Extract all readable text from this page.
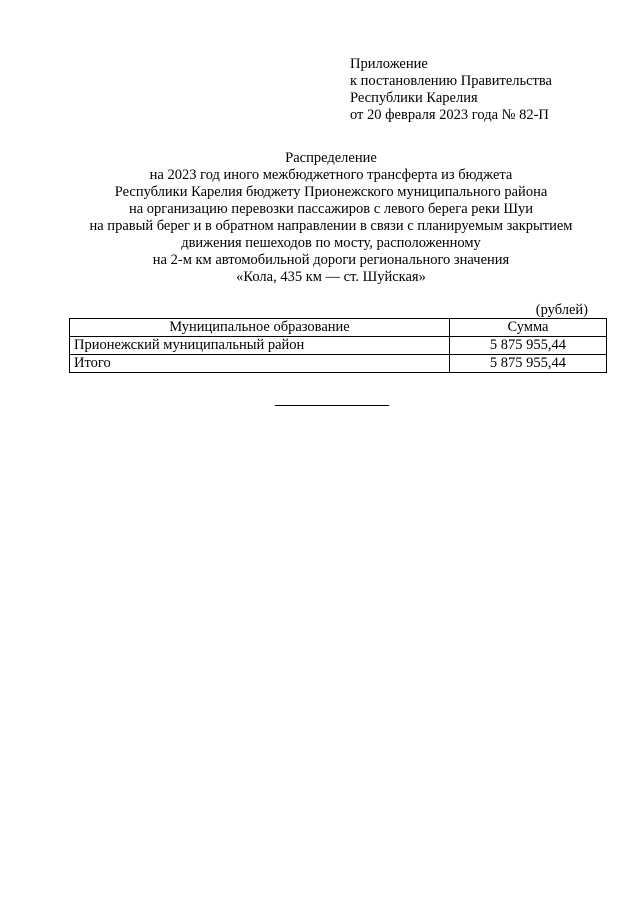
Приложение
к постановлению Правительства
Республики Карелия
от 20 февраля 2023 года № 82-П
Распределение
на 2023 год иного межбюджетного трансферта из бюджета
Республики Карелия бюджету Прионежского муниципального района
на организацию перевозки пассажиров с левого берега реки Шуи
на правый берег и в обратном направлении в связи с планируемым закрытием
движения пешеходов по мосту, расположенному
на 2-м км автомобильной дороги регионального значения
«Кола, 435 км — ст. Шуйская»
(рублей)
Муниципальное образование	Сумма
Прионежский муниципальный район	5 875 955,44
Итого	5 875 955,44
